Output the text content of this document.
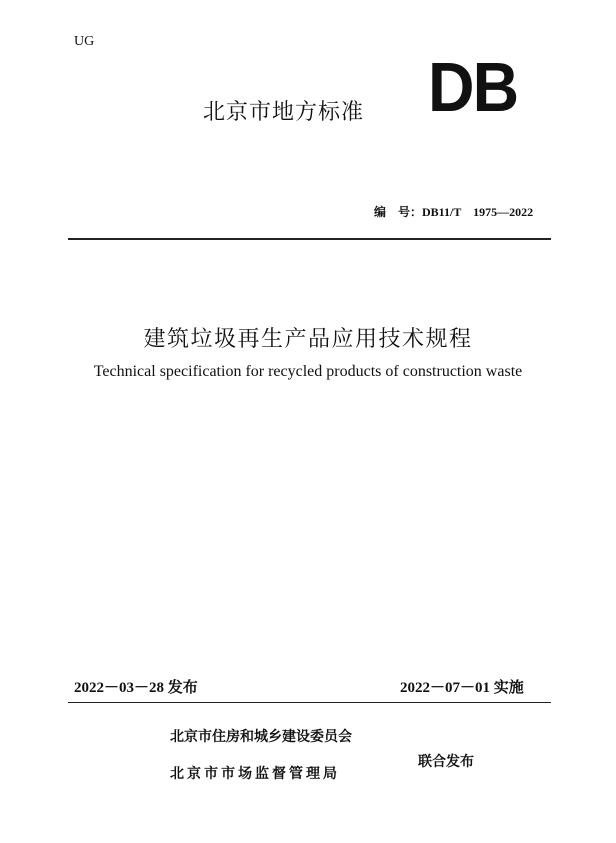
UG
北京市地方标准 DB
编　号：DB11/T　1975—2022
建筑垃圾再生产品应用技术规程
Technical specification for recycled products of construction waste
2022－03－28 发布	2022－07－01 实施
北京市住房和城乡建设委员会
北京市市场监督管理局
联合发布
